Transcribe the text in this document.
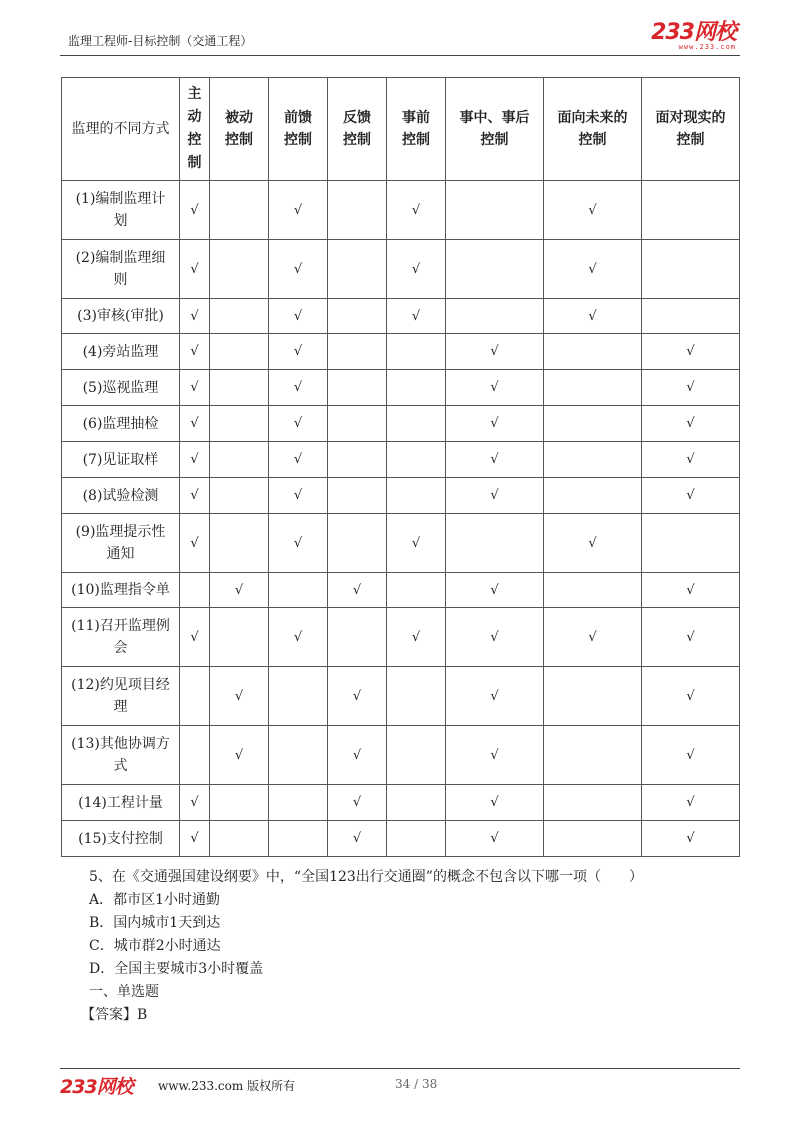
监理工程师-目标控制（交通工程）	233网校
www.233.com
监理的不同方式	主动控制	被动控制	前馈控制	反馈控制	事前控制	事中、事后控制	面向未来的控制	面对现实的控制
(1)编制监理计划	√		√		√		√	
(2)编制监理细则	√		√		√		√	
(3)审核(审批)	√		√		√		√	
(4)旁站监理	√		√			√		√
(5)巡视监理	√		√			√		√
(6)监理抽检	√		√			√		√
(7)见证取样	√		√			√		√
(8)试验检测	√		√			√		√
(9)监理提示性通知	√		√		√		√	
(10)监理指令单		√		√		√		√
(11)召开监理例会	√		√		√	√	√	√
(12)约见项目经理		√		√		√		√
(13)其他协调方式		√		√		√		√
(14)工程计量	√			√		√		√
(15)支付控制	√			√		√		√
5、在《交通强国建设纲要》中，“全国123出行交通圈”的概念不包含以下哪一项（　　）
A．都市区1小时通勤
B．国内城市1天到达
C．城市群2小时通达
D．全国主要城市3小时覆盖
一、单选题
【答案】B
233网校 www.233.com 版权所有	34 / 38
